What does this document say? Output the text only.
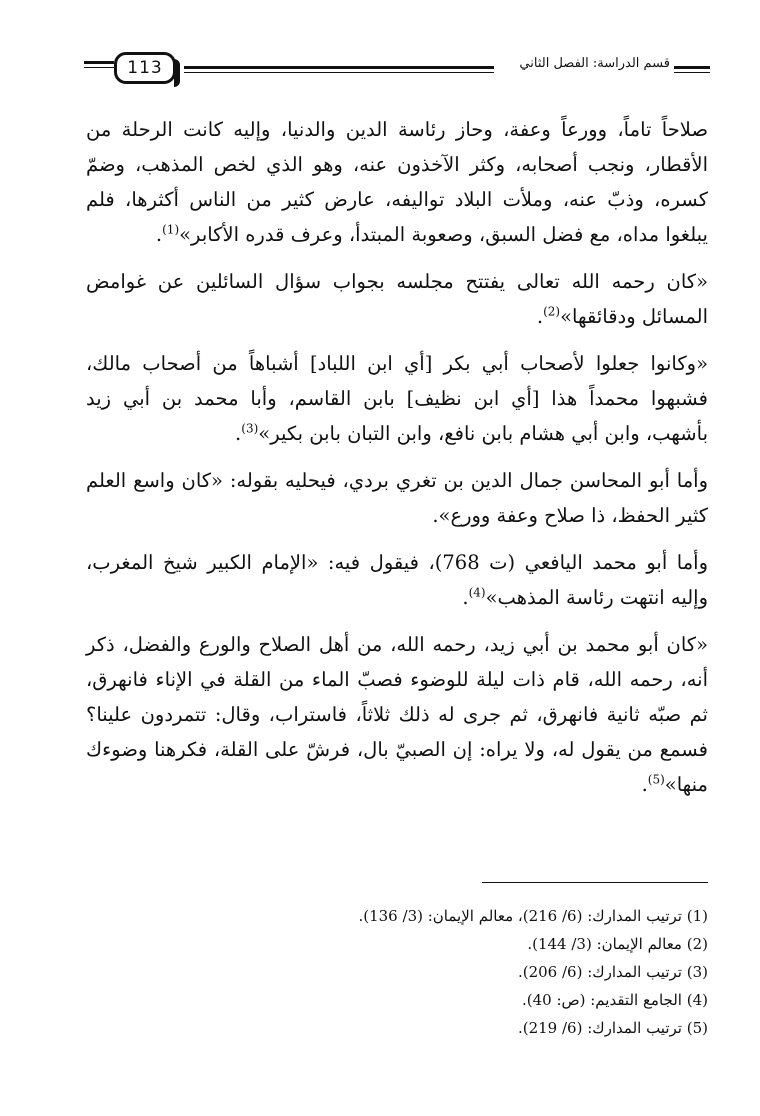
113	قسم الدراسة: الفصل الثاني

صلاحاً تاماً، وورعاً وعفة، وحاز رئاسة الدين والدنيا، وإليه كانت الرحلة من الأقطار، ونجب أصحابه، وكثر الآخذون عنه، وهو الذي لخص المذهب، وضمّ كسره، وذبّ عنه، وملأت البلاد تواليفه، عارض كثير من الناس أكثرها، فلم يبلغوا مداه، مع فضل السبق، وصعوبة المبتدأ، وعرف قدره الأكابر»$^{(1)}$.

«كان رحمه الله تعالى يفتتح مجلسه بجواب سؤال السائلين عن غوامض المسائل ودقائقها»$^{(2)}$.

«وكانوا جعلوا لأصحاب أبي بكر [أي ابن اللباد] أشباهاً من أصحاب مالك، فشبهوا محمداً هذا [أي ابن نظيف] بابن القاسم، وأبا محمد بن أبي زيد بأشهب، وابن أبي هشام بابن نافع، وابن التبان بابن بكير»$^{(3)}$.

وأما أبو المحاسن جمال الدين بن تغري بردي، فيحليه بقوله: «كان واسع العلم كثير الحفظ، ذا صلاح وعفة وورع».

وأما أبو محمد اليافعي (ت 768)، فيقول فيه: «الإمام الكبير شيخ المغرب، وإليه انتهت رئاسة المذهب»$^{(4)}$.

«كان أبو محمد بن أبي زيد، رحمه الله، من أهل الصلاح والورع والفضل، ذكر أنه، رحمه الله، قام ذات ليلة للوضوء فصبّ الماء من القلة في الإناء فانهرق، ثم صبّه ثانية فانهرق، ثم جرى له ذلك ثلاثاً، فاستراب، وقال: تتمردون علينا؟ فسمع من يقول له، ولا يراه: إن الصبيّ بال، فرشّ على القلة، فكرهنا وضوءك منها»$^{(5)}$.

(1) ترتيب المدارك: (6/ 216)، معالم الإيمان: (3/ 136).
(2) معالم الإيمان: (3/ 144).
(3) ترتيب المدارك: (6/ 206).
(4) الجامع التقديم: (ص: 40).
(5) ترتيب المدارك: (6/ 219).
